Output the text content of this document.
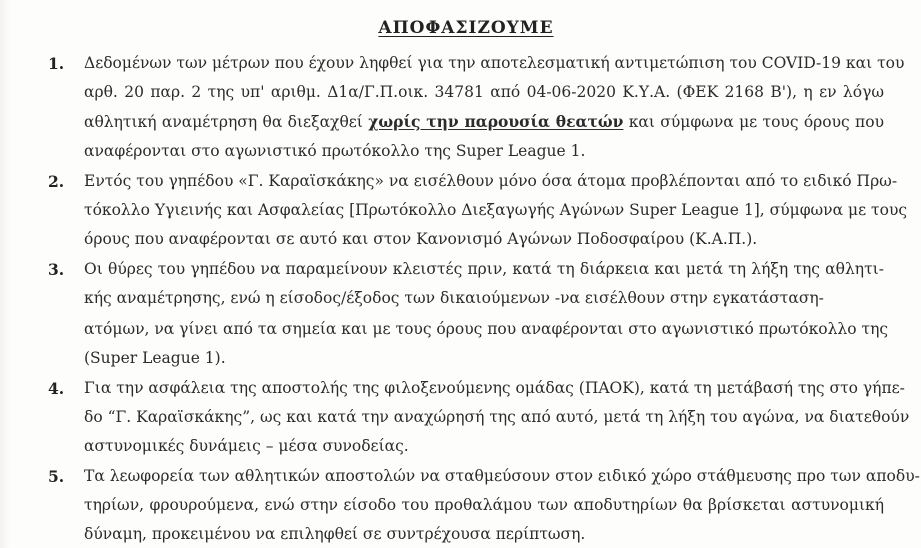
ΑΠΟΦΑΣΙΖΟΥΜΕ
1.	Δεδομένων των μέτρων που έχουν ληφθεί για την αποτελεσματική αντιμετώπιση του COVID-19 και του
αρθ. 20 παρ. 2 της υπ' αριθμ. Δ1α/Γ.Π.οικ. 34781 από 04-06-2020 Κ.Υ.Α. (ΦΕΚ 2168 Β'), η εν λόγω
αθλητική αναμέτρηση θα διεξαχθεί χωρίς την παρουσία θεατών και σύμφωνα με τους όρους που
αναφέρονται στο αγωνιστικό πρωτόκολλο της Super League 1.
2.	Εντός του γηπέδου «Γ. Καραϊσκάκης» να εισέλθουν μόνο όσα άτομα προβλέπονται από το ειδικό Πρω-
τόκολλο Υγιεινής και Ασφαλείας [Πρωτόκολλο Διεξαγωγής Αγώνων Super League 1], σύμφωνα με τους
όρους που αναφέρονται σε αυτό και στον Κανονισμό Αγώνων Ποδοσφαίρου (Κ.Α.Π.).
3.	Οι θύρες του γηπέδου να παραμείνουν κλειστές πριν, κατά τη διάρκεια και μετά τη λήξη της αθλητι-
κής αναμέτρησης, ενώ η είσοδος/έξοδος των δικαιούμενων -να εισέλθουν στην εγκατάσταση-
ατόμων, να γίνει από τα σημεία και με τους όρους που αναφέρονται στο αγωνιστικό πρωτόκολλο της
(Super League 1).
4.	Για την ασφάλεια της αποστολής της φιλοξενούμενης ομάδας (ΠΑΟΚ), κατά τη μετάβασή της στο γήπε-
δο “Γ. Καραϊσκάκης”, ως και κατά την αναχώρησή της από αυτό, μετά τη λήξη του αγώνα, να διατεθούν
αστυνομικές δυνάμεις – μέσα συνοδείας.
5.	Τα λεωφορεία των αθλητικών αποστολών να σταθμεύσουν στον ειδικό χώρο στάθμευσης προ των αποδυ-
τηρίων, φρουρούμενα, ενώ στην είσοδο του προθαλάμου των αποδυτηρίων θα βρίσκεται αστυνομική
δύναμη, προκειμένου να επιληφθεί σε συντρέχουσα περίπτωση.
